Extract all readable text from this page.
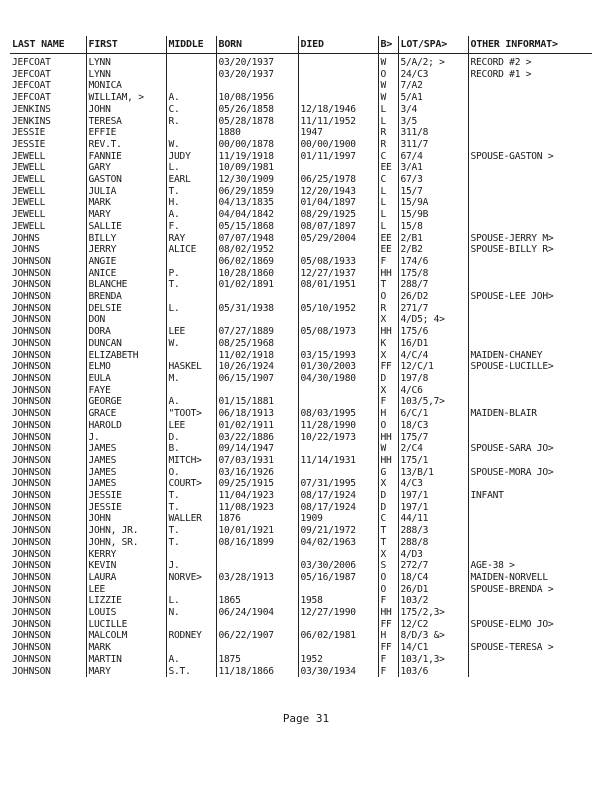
LAST NAME	FIRST	MIDDLE	BORN	DIED	B>	LOT/SPA>	OTHER INFORMAT>

JEFCOAT	LYNN		03/20/1937		W	5/A/2; >	RECORD #2 >
JEFCOAT	LYNN		03/20/1937		O	24/C3	RECORD #1 >
JEFCOAT	MONICA				W	7/A2	
JEFCOAT	WILLIAM, >	A.	10/08/1956		W	5/A1	
JENKINS	JOHN	C.	05/26/1858	12/18/1946	L	3/4	
JENKINS	TERESA	R.	05/28/1878	11/11/1952	L	3/5	
JESSIE	EFFIE		1880	1947	R	311/8	
JESSIE	REV.T.	W.	00/00/1878	00/00/1900	R	311/7	
JEWELL	FANNIE	JUDY	11/19/1918	01/11/1997	C	67/4	SPOUSE-GASTON >
JEWELL	GARY	L.	10/09/1981		EE	3/A1	
JEWELL	GASTON	EARL	12/30/1909	06/25/1978	C	67/3	
JEWELL	JULIA	T.	06/29/1859	12/20/1943	L	15/7	
JEWELL	MARK	H.	04/13/1835	01/04/1897	L	15/9A	
JEWELL	MARY	A.	04/04/1842	08/29/1925	L	15/9B	
JEWELL	SALLIE	F.	05/15/1868	08/07/1897	L	15/8	
JOHNS	BILLY	RAY	07/07/1948	05/29/2004	EE	2/B1	SPOUSE-JERRY M>
JOHNS	JERRY	ALICE	08/02/1952		EE	2/B2	SPOUSE-BILLY R>
JOHNSON	ANGIE		06/02/1869	05/08/1933	F	174/6	
JOHNSON	ANICE	P.	10/28/1860	12/27/1937	HH	175/8	
JOHNSON	BLANCHE	T.	01/02/1891	08/01/1951	T	288/7	
JOHNSON	BRENDA				O	26/D2	SPOUSE-LEE JOH>
JOHNSON	DELSIE	L.	05/31/1938	05/10/1952	R	271/7	
JOHNSON	DON				X	4/D5; 4>	
JOHNSON	DORA	LEE	07/27/1889	05/08/1973	HH	175/6	
JOHNSON	DUNCAN	W.	08/25/1968		K	16/D1	
JOHNSON	ELIZABETH		11/02/1918	03/15/1993	X	4/C/4	MAIDEN-CHANEY
JOHNSON	ELMO	HASKEL	10/26/1924	01/30/2003	FF	12/C/1	SPOUSE-LUCILLE>
JOHNSON	EULA	M.	06/15/1907	04/30/1980	D	197/8	
JOHNSON	FAYE				X	4/C6	
JOHNSON	GEORGE	A.	01/15/1881		F	103/5,7>	
JOHNSON	GRACE	"TOOT>	06/18/1913	08/03/1995	H	6/C/1	MAIDEN-BLAIR
JOHNSON	HAROLD	LEE	01/02/1911	11/28/1990	O	18/C3	
JOHNSON	J.	D.	03/22/1886	10/22/1973	HH	175/7	
JOHNSON	JAMES	B.	09/14/1947		W	2/C4	SPOUSE-SARA JO>
JOHNSON	JAMES	MITCH>	07/03/1931	11/14/1931	HH	175/1	
JOHNSON	JAMES	O.	03/16/1926		G	13/B/1	SPOUSE-MORA JO>
JOHNSON	JAMES	COURT>	09/25/1915	07/31/1995	X	4/C3	
JOHNSON	JESSIE	T.	11/04/1923	08/17/1924	D	197/1	INFANT
JOHNSON	JESSIE	T.	11/08/1923	08/17/1924	D	197/1	
JOHNSON	JOHN	WALLER	1876	1909	C	44/11	
JOHNSON	JOHN, JR.	T.	10/01/1921	09/21/1972	T	288/3	
JOHNSON	JOHN, SR.	T.	08/16/1899	04/02/1963	T	288/8	
JOHNSON	KERRY				X	4/D3	
JOHNSON	KEVIN	J.		03/30/2006	S	272/7	AGE-38 >
JOHNSON	LAURA	NORVE>	03/28/1913	05/16/1987	O	18/C4	MAIDEN-NORVELL
JOHNSON	LEE				O	26/D1	SPOUSE-BRENDA >
JOHNSON	LIZZIE	L.	1865	1958	F	103/2	
JOHNSON	LOUIS	N.	06/24/1904	12/27/1990	HH	175/2,3>	
JOHNSON	LUCILLE				FF	12/C2	SPOUSE-ELMO JO>
JOHNSON	MALCOLM	RODNEY	06/22/1907	06/02/1981	H	8/D/3 &>	
JOHNSON	MARK				FF	14/C1	SPOUSE-TERESA >
JOHNSON	MARTIN	A.	1875	1952	F	103/1,3>	
JOHNSON	MARY	S.T.	11/18/1866	03/30/1934	F	103/6	
Page 31
